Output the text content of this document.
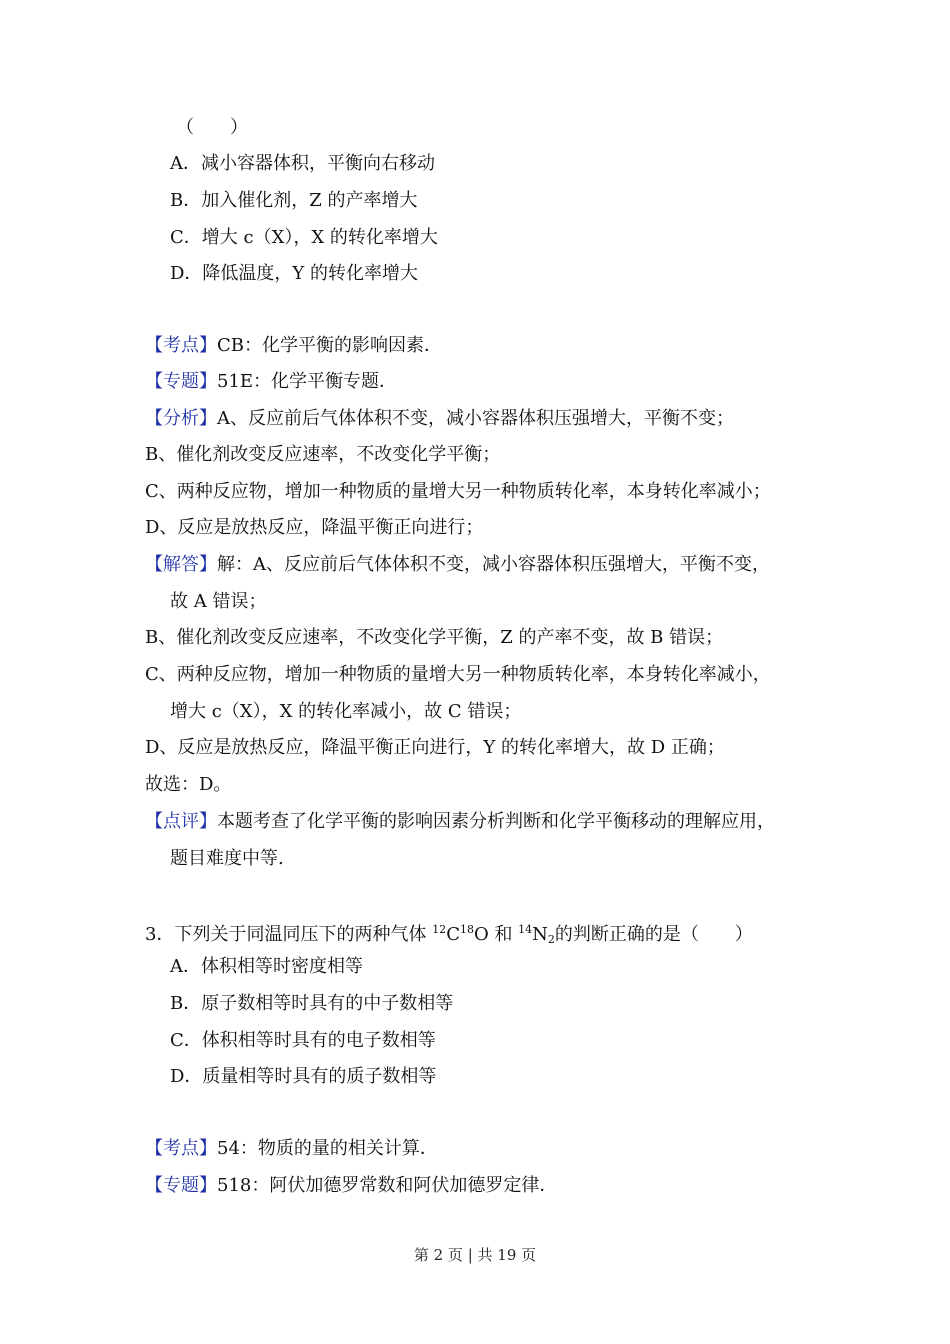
（　　）
A．减小容器体积，平衡向右移动
B．加入催化剂，Z 的产率增大
C．增大 c（X），X 的转化率增大
D．降低温度，Y 的转化率增大
【考点】CB：化学平衡的影响因素．
【专题】51E：化学平衡专题．
【分析】A、反应前后气体体积不变，减小容器体积压强增大，平衡不变；
B、催化剂改变反应速率，不改变化学平衡；
C、两种反应物，增加一种物质的量增大另一种物质转化率，本身转化率减小；
D、反应是放热反应，降温平衡正向进行；
【解答】解：A、反应前后气体体积不变，减小容器体积压强增大，平衡不变，
故 A 错误；
B、催化剂改变反应速率，不改变化学平衡，Z 的产率不变，故 B 错误；
C、两种反应物，增加一种物质的量增大另一种物质转化率，本身转化率减小，
增大 c（X），X 的转化率减小，故 C 错误；
D、反应是放热反应，降温平衡正向进行，Y 的转化率增大，故 D 正确；
故选：D。
【点评】本题考查了化学平衡的影响因素分析判断和化学平衡移动的理解应用，
题目难度中等.
3．下列关于同温同压下的两种气体 $^{12}C^{18}O$ 和 $^{14}N_2$的判断正确的是（　　）
A．体积相等时密度相等
B．原子数相等时具有的中子数相等
C．体积相等时具有的电子数相等
D．质量相等时具有的质子数相等
【考点】54：物质的量的相关计算．
【专题】518：阿伏加德罗常数和阿伏加德罗定律．
第 2 页 | 共 19 页
